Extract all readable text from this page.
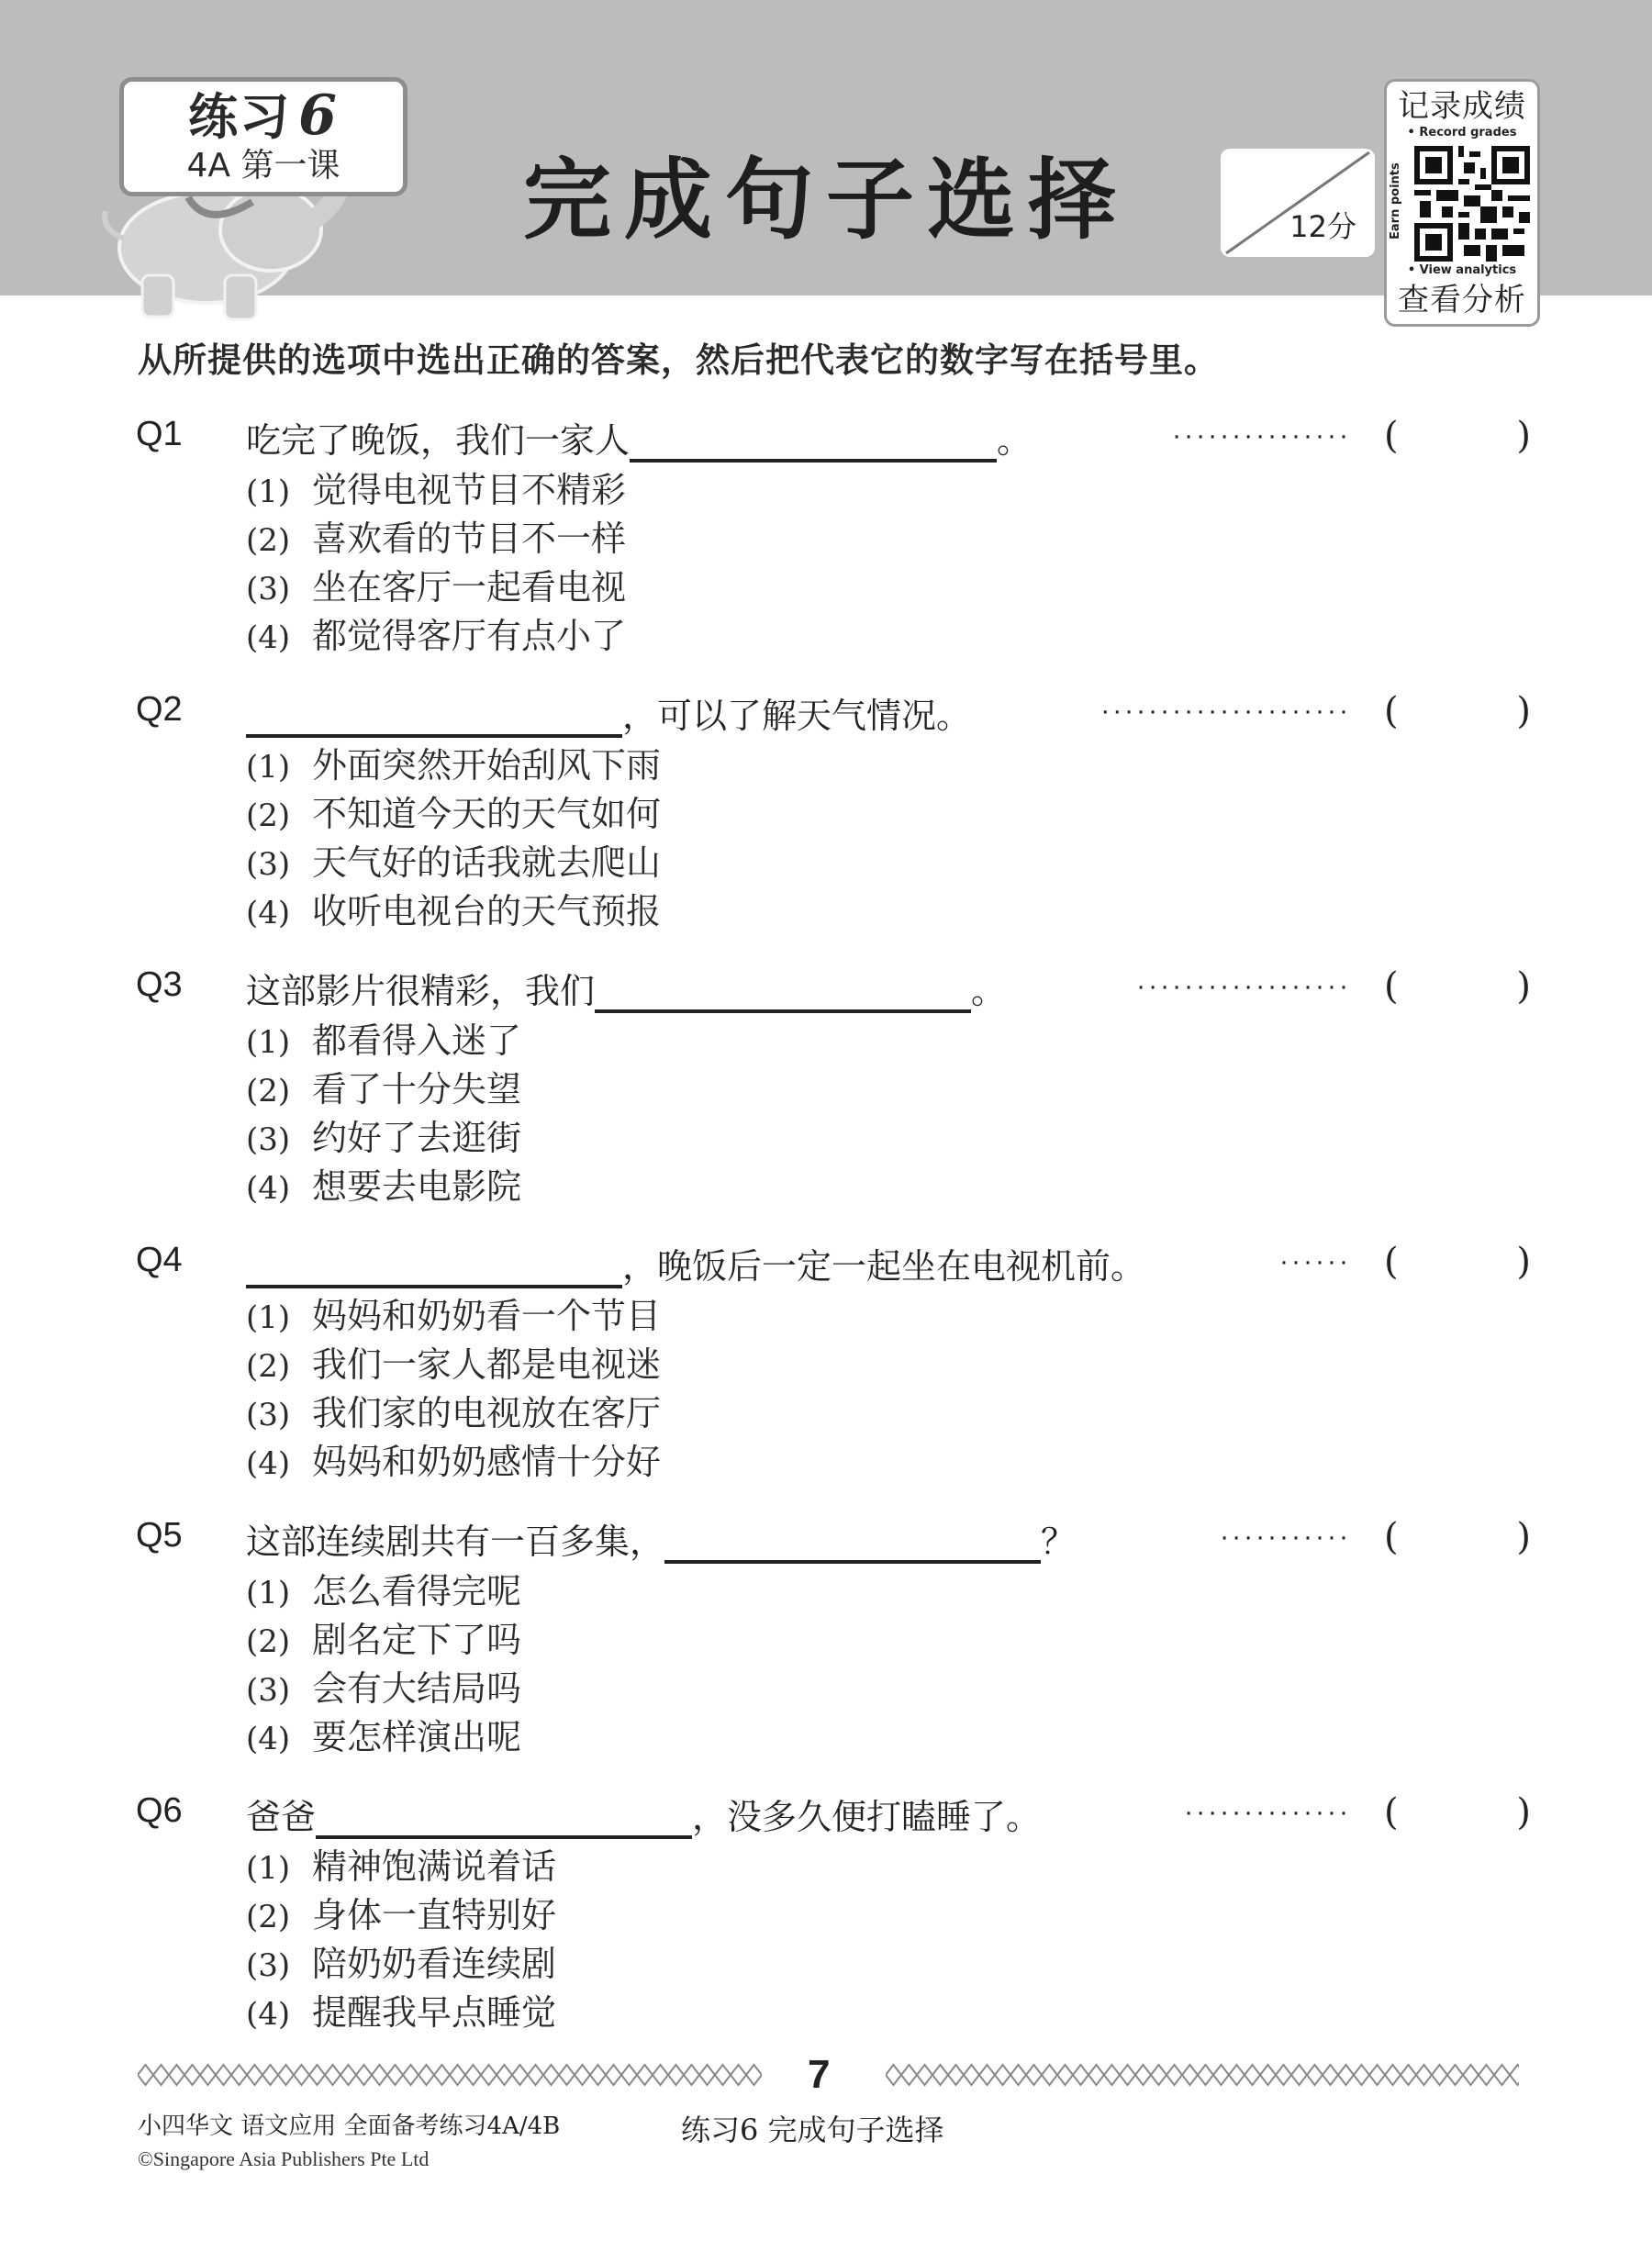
练习 6
4A 第一课	完成句子选择	12分
记录成绩
• Record grades
Earn points
• View analytics
查看分析
从所提供的选项中选出正确的答案，然后把代表它的数字写在括号里。
Q1 吃完了晚饭，我们一家人	。	··············· (	)
(1) 觉得电视节目不精彩
(2) 喜欢看的节目不一样
(3) 坐在客厅一起看电视
(4) 都觉得客厅有点小了
Q2	，可以了解天气情况。	····················· (	)
(1) 外面突然开始刮风下雨
(2) 不知道今天的天气如何
(3) 天气好的话我就去爬山
(4) 收听电视台的天气预报
Q3 这部影片很精彩，我们	。	·················· (	)
(1) 都看得入迷了
(2) 看了十分失望
(3) 约好了去逛街
(4) 想要去电影院
Q4	，晚饭后一定一起坐在电视机前。	······ (	)
(1) 妈妈和奶奶看一个节目
(2) 我们一家人都是电视迷
(3) 我们家的电视放在客厅
(4) 妈妈和奶奶感情十分好
Q5 这部连续剧共有一百多集，	？	··········· (	)
(1) 怎么看得完呢
(2) 剧名定下了吗
(3) 会有大结局吗
(4) 要怎样演出呢
Q6 爸爸	，没多久便打瞌睡了。	·············· (	)
(1) 精神饱满说着话
(2) 身体一直特别好
(3) 陪奶奶看连续剧
(4) 提醒我早点睡觉
7
小四华文 语文应用 全面备考练习4A/4B	练习6 完成句子选择
©Singapore Asia Publishers Pte Ltd
